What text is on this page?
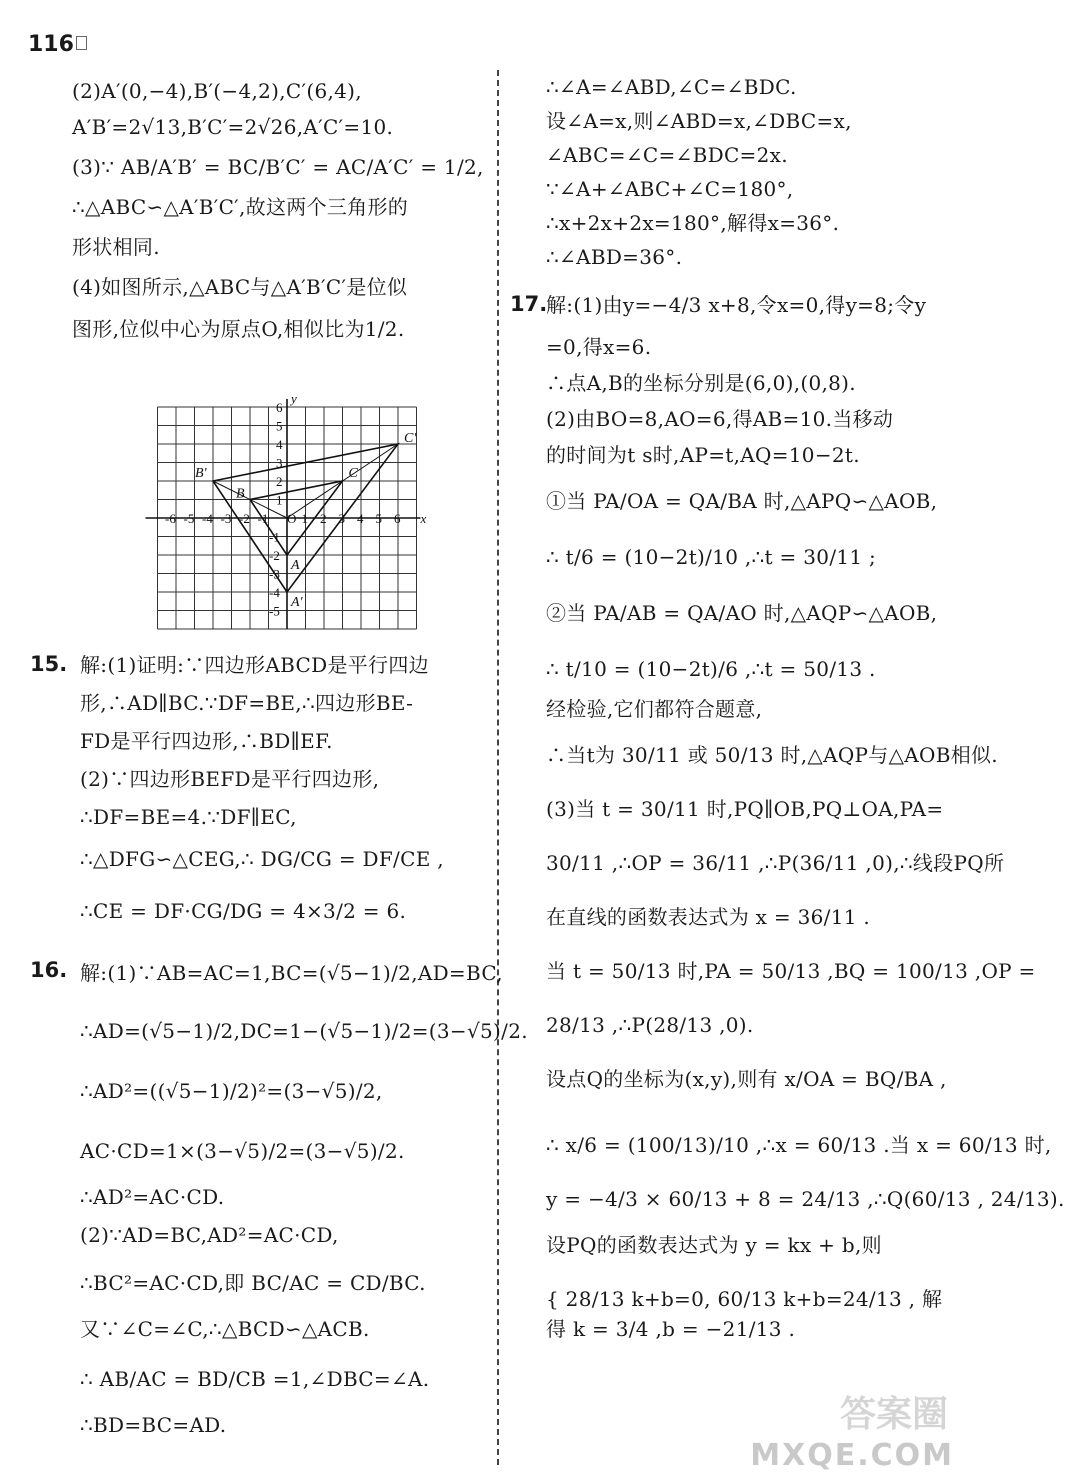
116
(2)A′(0,−4),B′(−4,2),C′(6,4),
A′B′=2√13,B′C′=2√26,A′C′=10.
(3)∵ AB/A′B′ = BC/B′C′ = AC/A′C′ = 1/2,
∴△ABC∽△A′B′C′,故这两个三角形的
形状相同.
(4)如图所示,△ABC与△A′B′C′是位似
图形,位似中心为原点O,相似比为1/2.
-6 -5 -4 -3 -2 -1 O 1 2 3 4 5 6
6
5
4
3
2
1
-1
-2
-3
-4
-5
x
y
A
B
C
A'
B'
C'
15. 解:(1)证明:∵四边形ABCD是平行四边
形,∴AD∥BC.∵DF=BE,∴四边形BE-
FD是平行四边形,∴BD∥EF.
(2)∵四边形BEFD是平行四边形,
∴DF=BE=4.∵DF∥EC,
∴△DFG∽△CEG,∴ DG/CG = DF/CE ,
∴CE = DF·CG/DG = 4×3/2 = 6.
16. 解:(1)∵AB=AC=1,BC=(√5−1)/2,AD=BC,
∴AD=(√5−1)/2,DC=1−(√5−1)/2=(3−√5)/2.
∴AD²=((√5−1)/2)²=(3−√5)/2,
AC·CD=1×(3−√5)/2=(3−√5)/2.
∴AD²=AC·CD.
(2)∵AD=BC,AD²=AC·CD,
∴BC²=AC·CD,即 BC/AC = CD/BC.
又∵∠C=∠C,∴△BCD∽△ACB.
∴ AB/AC = BD/CB =1,∠DBC=∠A.
∴BD=BC=AD.
∴∠A=∠ABD,∠C=∠BDC.
设∠A=x,则∠ABD=x,∠DBC=x,
∠ABC=∠C=∠BDC=2x.
∵∠A+∠ABC+∠C=180°,
∴x+2x+2x=180°,解得x=36°.
∴∠ABD=36°.
17.
解:(1)由y=−4/3 x+8,令x=0,得y=8;令y
=0,得x=6.
∴点A,B的坐标分别是(6,0),(0,8).
(2)由BO=8,AO=6,得AB=10.当移动
的时间为t s时,AP=t,AQ=10−2t.
①当 PA/OA = QA/BA 时,△APQ∽△AOB,
∴ t/6 = (10−2t)/10 ,∴t = 30/11 ;
②当 PA/AB = QA/AO 时,△AQP∽△AOB,
∴ t/10 = (10−2t)/6 ,∴t = 50/13 .
经检验,它们都符合题意,
∴当t为 30/11 或 50/13 时,△AQP与△AOB相似.
(3)当 t = 30/11 时,PQ∥OB,PQ⊥OA,PA=
30/11 ,∴OP = 36/11 ,∴P(36/11 ,0),∴线段PQ所
在直线的函数表达式为 x = 36/11 .
当 t = 50/13 时,PA = 50/13 ,BQ = 100/13 ,OP =
28/13 ,∴P(28/13 ,0).
设点Q的坐标为(x,y),则有 x/OA = BQ/BA ,
∴ x/6 = (100/13)/10 ,∴x = 60/13 .当 x = 60/13 时,
y = −4/3 × 60/13 + 8 = 24/13 ,∴Q(60/13 , 24/13).
设PQ的函数表达式为 y = kx + b,则
{ 28/13 k+b=0, 60/13 k+b=24/13 , 解得 k = 3/4 ,b = −21/13 .
答案圈
MXQE.COM
